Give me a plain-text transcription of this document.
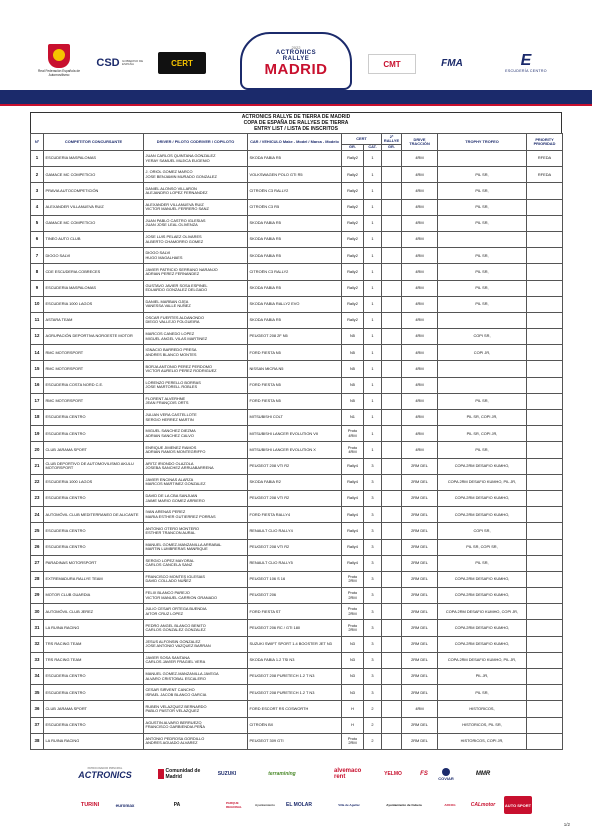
Real Federación Española de Automovilismo
CSD GOBIERNO DE ESPAÑA	CERT
2022
ACTRONICS
RALLYE
MADRID	CMT	FMA	E
ESCUDERÍA CENTRO
ACTRONICS RALLYE DE TIERRA DE MADRID
COPA DE ESPAÑA DE RALLYES DE TIERRA
ENTRY LIST / LISTA DE INSCRITOS
Nº	COMPETITOR CONCURSANTE	DRIVER / PILOTO CODRIVER / COPILOTO	CAR / VEHICULO Make - Model / Marca - Modelo	CERT		2ª RALLYE	DRIVE TRACCIÓN	TROPHY TROFEO	PRIORITY PRIORIDAD
				GR.	CAT.	GR.			
1	ESCUDERIA MASPALOMAS	JUAN CARLOS QUINTANA GONZALEZ
YERAY SAMUEL MUJICA EUGENIO	SKODA FABIA R5	Rally2	1		4RM		RFEDA
2	GAMACE MC COMPETICIO	J. ORIOL GOMEZ MARCO
JOSE BENJAMIN MURADO GONZALEZ	VOLKSWAGEN POLO GTI R5	Rally2	1		4RM	PIL SR,	RFEDA
3	PRAVIA AUTOCOMPETICIÓN	DANIEL ALONSO VILLARON
ALEJANDRO LOPEZ FERNANDEZ	CITROËN C3 RALLY2	Rally2	1		4RM	PIL SR,	
4	ALEXANDER VILLANUEVA RUIZ	ALEXANDER VILLANUEVA RUIZ
VICTOR MANUEL FERRERO SANZ	CITROËN C3 R5	Rally2	1		4RM	PIL SR,	
5	GAMACE MC COMPETICIO	JUAN PABLO CASTRO IGLESIAS
JUAN JOSE LEAL OLIVENZA	SKODA FABIA R5	Rally2	1		4RM	PIL SR,	
6	TINEO AUTO CLUB	JOSE LUIS PELAEZ OLIVARES
ALBERTO CHAMORRO GOMEZ	SKODA FABIA R5	Rally2	1		4RM		
7	DIOGO SALVI	DIOGO SALVI
HUGO MAGALHAES	SKODA FABIA R5	Rally2	1		4RM	PIL SR,	
8	CDE ESCUDERIA COBRECES	JAVIER PATRICIO SERRANO NARANJO
ADRIAN PEREZ FERNANDEZ	CITROËN C3 RALLY2	Rally2	1		4RM	PIL SR,	
9	ESCUDERIA MASPALOMAS	GUSTAVO JAVIER SOSA ESPINEL
EDUARDO GONZALEZ DELGADO	SKODA FABIA R5	Rally2	1		4RM	PIL SR,	
10	ESCUDERIA 1000 LAGOS	DANIEL MARBAN OJEA
VANESSA VALLE NUÑEZ	SKODA FABIA RALLY2 EVO	Rally2	1		4RM	PIL SR,	
11	ASTARA TEAM	OSCAR FUERTES ALDANONDO
DIEGO VALLEJO FOLGUEIRA	SKODA FABIA R5	Rally2	1		4RM		
12	AGRUPACIÓN DEPORTIVA NOROESTE MOTOR	MARCOS CANEDO LOPEZ
MIGUEL ANGEL VILAS MARTINEZ	PEUGEOT 208 2F N5	N5	1		4RM	COPI SR,	
14	RMC MOTORSPORT	IGNACIO BARREDO PRESA
ANDRES BLANCO MONTES	FORD FIESTA N5	N5	1		4RM	COPI JR,	
15	RMC MOTORSPORT	BORJA ANTONIO PEREZ PERDOMO
VICTOR AURELIO PEREZ RODRIGUEZ	NISSAN MICRA N5	N5	1		4RM		
16	ESCUDERIA COSTA NORD C.E.	LORENZO PERELLO BORRAS
JOSE MARTORELL ROBLES	FORD FIESTA N5	N5	1		4RM		
17	RMC MOTORSPORT	FLORENT ALVERHNE
JEAN FRANÇOIS ORTS	FORD FIESTA N5	N5	1		4RM	PIL SR,	
18	ESCUDERIA CENTRO	JULIAN VERA CASTELLOTE
SERGIO HERREZ MARTIN	MITSUBISHI COLT	N1	1		4RM	PIL SR, COPI JR,	
19	ESCUDERIA CENTRO	MIGUEL SANCHEZ DIEZMA
ADRIAN SANCHEZ CALVO	MITSUBISHI LANCER EVOLUTION VII	Proto 4RM	1		4RM	PIL SR, COPI JR,	
20	CLUB JARAMA SPORT	ENRIQUE JIMENEZ RAMOS
ADRIAN RAMOS MONTEGRIFFO	MITSUBISHI LANCER EVOLUTION X	Proto 4RM	1		4RM	PIL SR,	
21	CLUB DEPORTIVO DE AUTOMOVILISMO AKULU MOTORSPORT	ARITZ IRIONDO OLAZOLA
JOSEBA SANCHEZ ARRUABARRENA	PEUGEOT 208 VTI R2	Rally4	3		2RM DEL	COPA 2RM DESAFIO KUMHO,	
22	ESCUDERIA 1000 LAGOS	JAVIER ENCINAS ALARZA
MARCOS MARTINEZ GONZALEZ	SKODA FABIA R2	Rally4	3		2RM DEL	COPA 2RM DESAFIO KUMHO, PIL JR,	
23	ESCUDERIA CENTRO	DAVID DE LA CBA SANJUAN
JAIME MARIO GOMEZ ARRIERO	PEUGEOT 208 VTI R2	Rally4	3		2RM DEL	COPA 2RM DESAFIO KUMHO,	
24	AUTOMÓVIL CLUB MEDITERRANEO DE ALICANTE	IVAN ARENAS PEREZ
MARIA ESTHER GUTIERREZ PORRAS	FORD FIESTA RALLY4	Rally4	3		2RM DEL	COPA 2RM DESAFIO KUMHO,	
25	ESCUDERIA CENTRO	ANTONIO OTERO MONTERO
ESTHER TRANCON AURAL	RENAULT CLIO RALLY4	Rally4	3		2RM DEL	COPI SR,	
26	ESCUDERIA CENTRO	MANUEL GOMEZ-MANZANILLA ARRABAL
MARTIN LUMBRERAS MANRIQUE	PEUGEOT 208 VTI R2	Rally4	3		2RM DEL	PIL SR, COPI SR,	
27	PARADINAS MOTORSPORT	SERGIO LOPEZ MAYORAL
CARLOS CANCELA SANZ	RENAULT CLIO RALLY5	Rally4	3		2RM DEL	PIL SR,	
28	EXTREMADURA RALLYE TEAM	FRANCISCO MONTES IGLESIAS
DAVID COLLADO NUÑEZ	PEUGEOT 106 S 16	Proto 2RM	3		2RM DEL	COPA 2RM DESAFIO KUMHO,	
29	MOTOR CLUB GUARDIA	FELIX BLANCO PAREJO
VICTOR MANUEL CARRION GRANADO	PEUGEOT 206	Proto 2RM	3		2RM DEL	COPA 2RM DESAFIO KUMHO,	
30	AUTOMÓVIL CLUB JEREZ	JULIO CESAR ORTEGA BUENDIA
AITOR CRUZ LOPEZ	FORD FIESTA ST	Proto 2RM	3		2RM DEL	COPA 2RM DESAFIO KUMHO, COPI JR,	
31	LA RUINA RACING	PEDRO ANGEL BLANCO BENITO
CARLOS GONZALEZ GONZALEZ	PEUGEOT 206 RC / GTI 180	Proto 2RM	3		2RM DEL	COPA 2RM DESAFIO KUMHO,	
32	TRS RACING TEAM	JESUS ALFONSIN GONZALEZ
JOSE ANTONIO VAZQUEZ BARRAN	SUZUKI SWIFT SPORT 1.4 BOOSTER JET N3	N3	3		2RM DEL	COPA 2RM DESAFIO KUMHO,	
33	TRS RACING TEAM	JAVIER SOSA SANTANA
CARLOS JAVIER FRAGIEL VERA	SKODA FABIA 1.2 TSI N3	N3	3		2RM DEL	COPA 2RM DESAFIO KUMHO, PIL JR,	
34	ESCUDERIA CENTRO	MANUEL GOMEZ-MANZANILLA JAVEGA
ALVARO CRISTOBAL ESCALERO	PEUGEOT 208 PURETECH 1.2 T N3	N3	3		2RM DEL	PIL JR,	
35	ESCUDERIA CENTRO	CESAR SIRVENT CANCHO
ISRAEL JACOB BLANCO GARCIA	PEUGEOT 208 PURETECH 1.2 T N3	N3	3		2RM DEL	PIL SR,	
36	CLUB JARAMA SPORT	RUBEN VELAZQUEZ BERNARDO
PABLO PASTOR VELAZQUEZ	FORD ESCORT RS COSWORTH	H	2		4RM	HISTORICOS,	
37	ESCUDERIA CENTRO	AGUSTIN ALVARO BERRUEZO
FRANCISCO GARBIENDIA PEÑA	CITROËN BX	H	2		2RM DEL	HISTORICOS, PIL SR,	
38	LA RUINA RACING	ANTONIO PEDROSA GORDILLO
ANDRES AGUADO ALVAREZ	PEUGEOT 309 GTI	Proto 2RM	2		2RM DEL	HISTORICOS, COPI JR,	
PATROCINADOR PRINCIPAL
ACTRONICS	Comunidad de Madrid	SUZUKI	terramining	alvemaco rent	YELMO	FS
COVIAR
MMR
TURINI	euromax	PA	PARQUE REGIONAL	Ayuntamiento	EL MOLAR	Villa de Agañar	Ayuntamiento de Cubera	ARCOG	CALmotor AUTO SPORT
1/2
